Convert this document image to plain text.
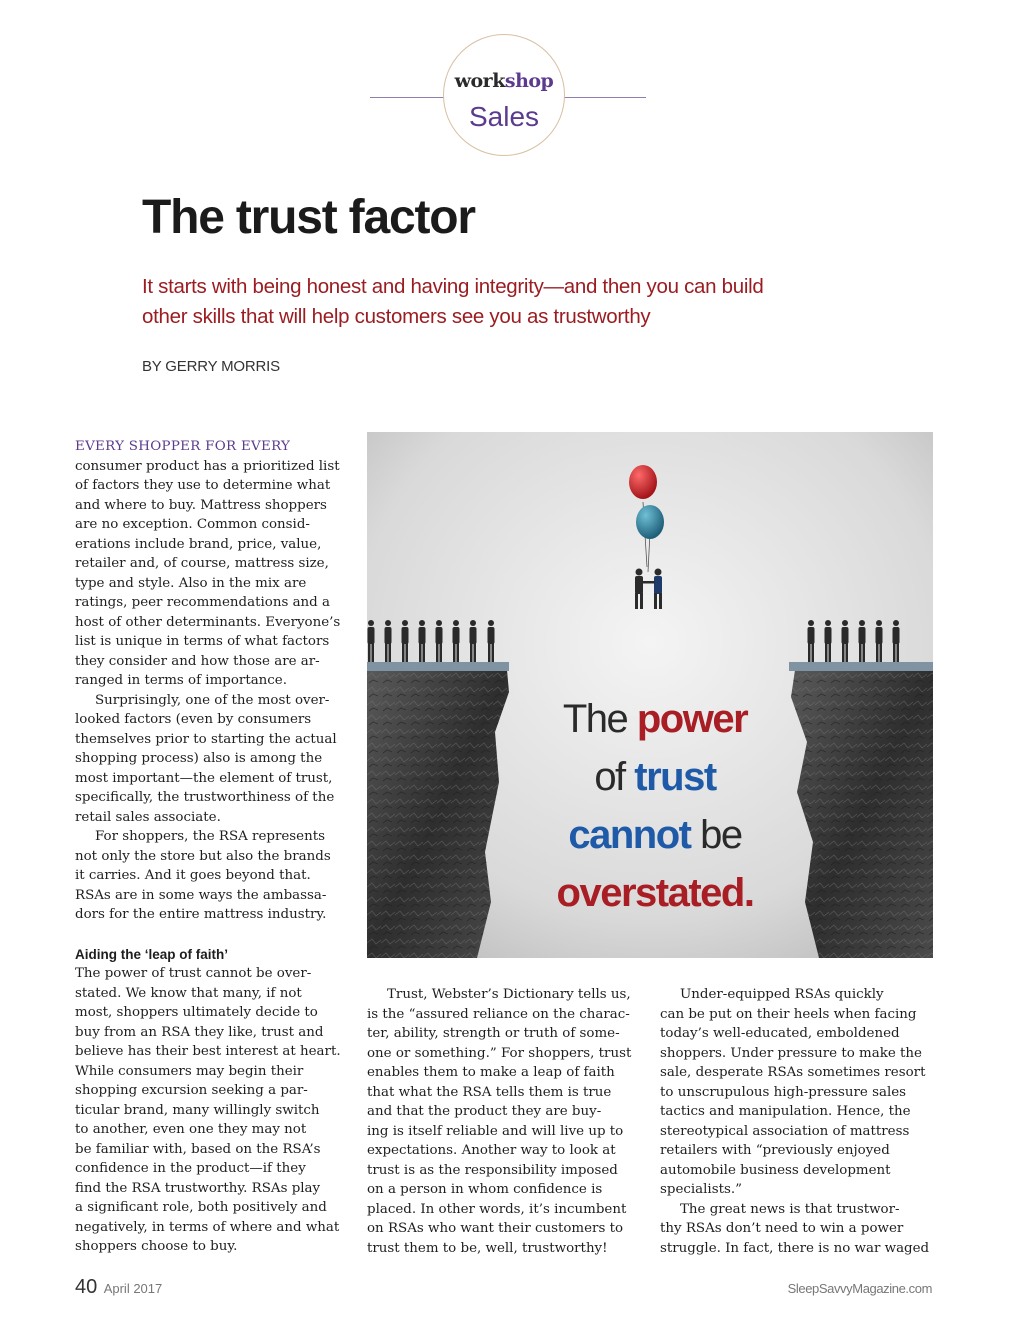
workshop
Sales
The trust factor

It starts with being honest and having integrity—and then you can build
other skills that will help customers see you as trustworthy

BY GERRY MORRIS

EVERY SHOPPER FOR EVERY
consumer product has a prioritized list
of factors they use to determine what
and where to buy. Mattress shoppers
are no exception. Common consid-
erations include brand, price, value,
retailer and, of course, mattress size,
type and style. Also in the mix are
ratings, peer recommendations and a
host of other determinants. Everyone’s
list is unique in terms of what factors
they consider and how those are ar-
ranged in terms of importance.

Surprisingly, one of the most over-
looked factors (even by consumers
themselves prior to starting the actual
shopping process) also is among the
most important—the element of trust,
specifically, the trustworthiness of the
retail sales associate.

For shoppers, the RSA represents
not only the store but also the brands
it carries. And it goes beyond that.
RSAs are in some ways the ambassa-
dors for the entire mattress industry.

Aiding the ‘leap of faith’

The power of trust cannot be over-
stated. We know that many, if not
most, shoppers ultimately decide to
buy from an RSA they like, trust and
believe has their best interest at heart.
While consumers may begin their
shopping excursion seeking a par-
ticular brand, many willingly switch
to another, even one they may not
be familiar with, based on the RSA’s
confidence in the product—if they
find the RSA trustworthy. RSAs play
a significant role, both positively and
negatively, in terms of where and what
shoppers choose to buy.

The power
of trust
cannot be
overstated.

Trust, Webster’s Dictionary tells us,
is the “assured reliance on the charac-
ter, ability, strength or truth of some-
one or something.” For shoppers, trust
enables them to make a leap of faith
that what the RSA tells them is true
and that the product they are buy-
ing is itself reliable and will live up to
expectations. Another way to look at
trust is as the responsibility imposed
on a person in whom confidence is
placed. In other words, it’s incumbent
on RSAs who want their customers to
trust them to be, well, trustworthy!

Under-equipped RSAs quickly
can be put on their heels when facing
today’s well-educated, emboldened
shoppers. Under pressure to make the
sale, desperate RSAs sometimes resort
to unscrupulous high-pressure sales
tactics and manipulation. Hence, the
stereotypical association of mattress
retailers with “previously enjoyed
automobile business development
specialists.”

The great news is that trustwor-
thy RSAs don’t need to win a power
struggle. In fact, there is no war waged

40 April 2017	SleepSavvyMagazine.com
